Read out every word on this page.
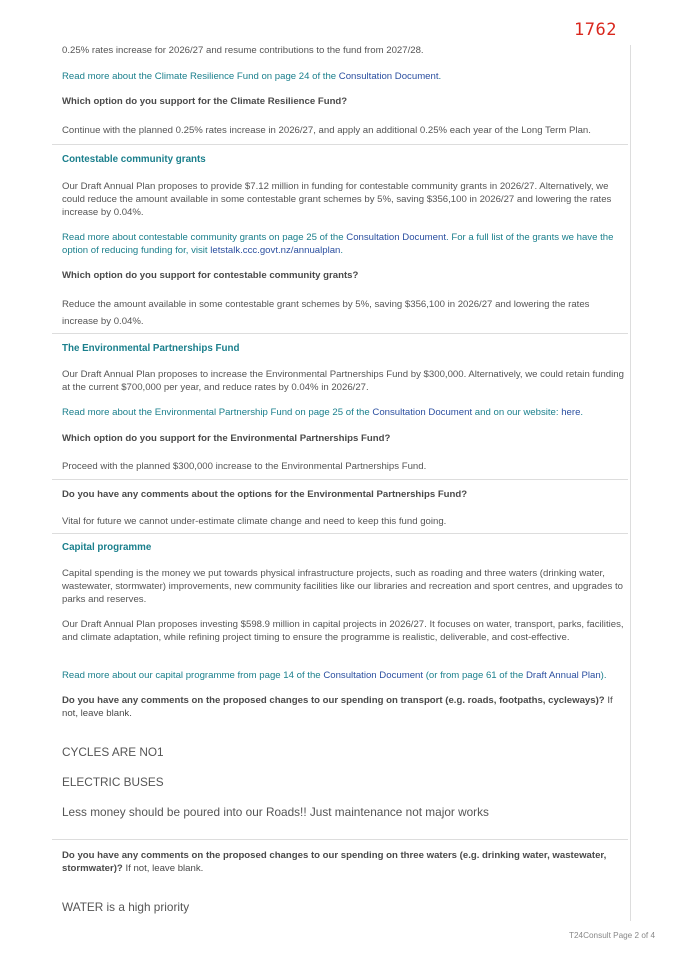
1762

0.25% rates increase for 2026/27 and resume contributions to the fund from 2027/28.

Read more about the Climate Resilience Fund on page 24 of the Consultation Document.

Which option do you support for the Climate Resilience Fund?

Continue with the planned 0.25% rates increase in 2026/27, and apply an additional 0.25% each year of the Long Term Plan.

Contestable community grants

Our Draft Annual Plan proposes to provide $7.12 million in funding for contestable community grants in 2026/27. Alternatively, we could reduce the amount available in some contestable grant schemes by 5%, saving $356,100 in 2026/27 and lowering the rates increase by 0.04%.

Read more about contestable community grants on page 25 of the Consultation Document. For a full list of the grants we have the option of reducing funding for, visit letstalk.ccc.govt.nz/annualplan.

Which option do you support for contestable community grants?

Reduce the amount available in some contestable grant schemes by 5%, saving $356,100 in 2026/27 and lowering the rates increase by 0.04%.

The Environmental Partnerships Fund

Our Draft Annual Plan proposes to increase the Environmental Partnerships Fund by $300,000. Alternatively, we could retain funding at the current $700,000 per year, and reduce rates by 0.04% in 2026/27.

Read more about the Environmental Partnership Fund on page 25 of the Consultation Document and on our website: here.

Which option do you support for the Environmental Partnerships Fund?

Proceed with the planned $300,000 increase to the Environmental Partnerships Fund.

Do you have any comments about the options for the Environmental Partnerships Fund?

Vital for future we cannot under-estimate climate change and need to keep this fund going.

Capital programme

Capital spending is the money we put towards physical infrastructure projects, such as roading and three waters (drinking water, wastewater, stormwater) improvements, new community facilities like our libraries and recreation and sport centres, and upgrades to parks and reserves.

Our Draft Annual Plan proposes investing $598.9 million in capital projects in 2026/27. It focuses on water, transport, parks, facilities, and climate adaptation, while refining project timing to ensure the programme is realistic, deliverable, and cost-effective.

Read more about our capital programme from page 14 of the Consultation Document (or from page 61 of the Draft Annual Plan).

Do you have any comments on the proposed changes to our spending on transport (e.g. roads, footpaths, cycleways)? If not, leave blank.

CYCLES ARE NO1

ELECTRIC BUSES

Less money should be poured into our Roads!! Just maintenance not major works

Do you have any comments on the proposed changes to our spending on three waters (e.g. drinking water, wastewater, stormwater)? If not, leave blank.

WATER is a high priority

T24Consult Page 2 of 4
